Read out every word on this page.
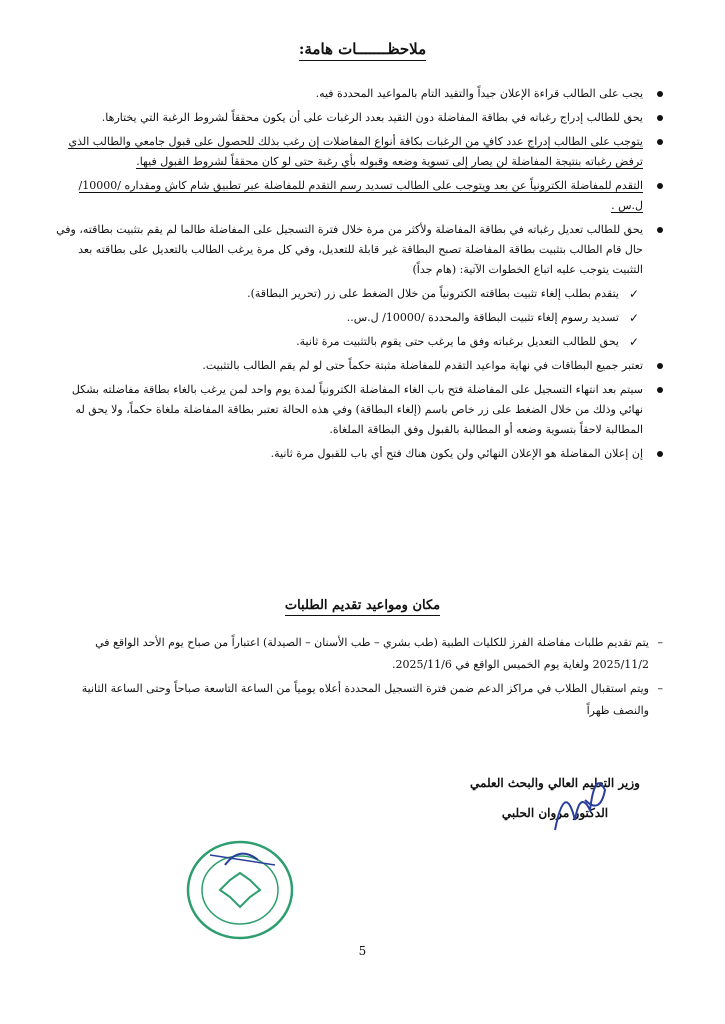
ملاحظـــــــات هامة:
يجب على الطالب قراءة الإعلان جيداً والتقيد التام بالمواعيد المحددة فيه.
يحق للطالب إدراج رغباته في بطاقة المفاضلة دون التقيد بعدد الرغبات على أن يكون محققاً لشروط الرغبة التي يختارها.
يتوجب على الطالب إدراج عدد كافٍ من الرغبات بكافة أنواع المفاضلات إن رغب بذلك للحصول على قبول جامعي والطالب الذي ترفض رغباته بنتيجة المفاضلة لن يصار إلى تسوية وضعه وقبوله بأي رغبة حتى لو كان محققاً لشروط القبول فيها.
التقدم للمفاضلة الكترونياً عن بعد ويتوجب على الطالب تسديد رسم التقدم للمفاضلة عبر تطبيق شام كاش ومقداره /10000/ ل.س .
يحق للطالب تعديل رغباته في بطاقة المفاضلة ولأكثر من مرة خلال فترة التسجيل على المفاضلة طالما لم يقم بتثبيت بطاقته، وفي حال قام الطالب بتثبيت بطاقة المفاضلة تصبح البطاقة غير قابلة للتعديل، وفي كل مرة يرغب الطالب بالتعديل على بطاقته بعد التثبيت يتوجب عليه اتباع الخطوات الآتية: (هام جداً)
✓
يتقدم بطلب إلغاء تثبيت بطاقته الكترونياً من خلال الضغط على زر (تحرير البطاقة).
✓
تسديد رسوم إلغاء تثبيت البطاقة والمحددة /10000/ ل.س..
✓
يحق للطالب التعديل برغباته وفق ما يرغب حتى يقوم بالتثبيت مرة ثانية.
تعتبر جميع البطاقات في نهاية مواعيد التقدم للمفاضلة مثبتة حكماً حتى لو لم يقم الطالب بالتثبيت.
سيتم بعد انتهاء التسجيل على المفاضلة فتح باب الغاء المفاضلة الكترونياً لمدة يوم واحد لمن يرغب بالغاء بطاقة مفاضلته بشكل نهائي وذلك من خلال الضغط على زر خاص باسم (إلغاء البطاقة) وفي هذه الحالة تعتبر بطاقة المفاضلة ملغاة حكماً، ولا يحق له المطالبة لاحقاً بتسوية وضعه أو المطالبة بالقبول وفق البطاقة الملغاة.
إن إعلان المفاضلة هو الإعلان النهائي ولن يكون هناك فتح أي باب للقبول مرة ثانية.
مكان ومواعيد تقديم الطلبات
–
يتم تقديم طلبات مفاضلة الفرز للكليات الطبية (طب بشري – طب الأسنان – الصيدلة) اعتباراً من صباح يوم الأحد الواقع في 2025/11/2 ولغاية يوم الخميس الواقع في 2025/11/6.
–
ويتم استقبال الطلاب في مراكز الدعم ضمن فترة التسجيل المحددة أعلاه يومياً من الساعة التاسعة صباحاً وحتى الساعة الثانية والنصف ظهراً
وزير التعليم العالي والبحث العلمي
الدكتور مروان الحلبي
5
